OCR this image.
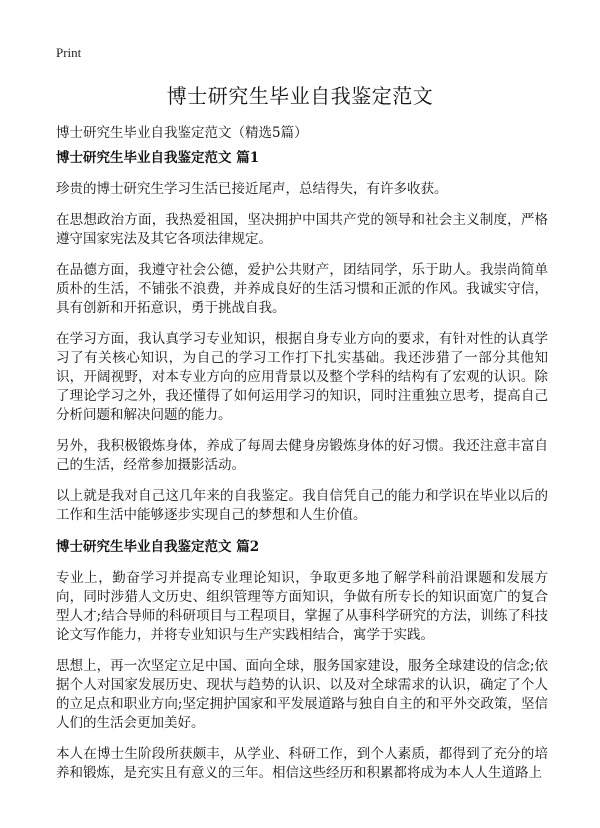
Print
博士研究生毕业自我鉴定范文

博士研究生毕业自我鉴定范文（精选5篇）

博士研究生毕业自我鉴定范文 篇1

珍贵的博士研究生学习生活已接近尾声，总结得失，有许多收获。

在思想政治方面，我热爱祖国，坚决拥护中国共产党的领导和社会主义制度，严格遵守国家宪法及其它各项法律规定。

在品德方面，我遵守社会公德，爱护公共财产，团结同学，乐于助人。我崇尚简单质朴的生活，不铺张不浪费，并养成良好的生活习惯和正派的作风。我诚实守信，具有创新和开拓意识，勇于挑战自我。

在学习方面，我认真学习专业知识，根据自身专业方向的要求，有针对性的认真学习了有关核心知识，为自己的学习工作打下扎实基础。我还涉猎了一部分其他知识，开阔视野，对本专业方向的应用背景以及整个学科的结构有了宏观的认识。除了理论学习之外，我还懂得了如何运用学习的知识，同时注重独立思考，提高自己分析问题和解决问题的能力。

另外，我积极锻炼身体，养成了每周去健身房锻炼身体的好习惯。我还注意丰富自己的生活，经常参加摄影活动。

以上就是我对自己这几年来的自我鉴定。我自信凭自己的能力和学识在毕业以后的工作和生活中能够逐步实现自己的梦想和人生价值。

博士研究生毕业自我鉴定范文 篇2

专业上，勤奋学习并提高专业理论知识，争取更多地了解学科前沿课题和发展方向，同时涉猎人文历史、组织管理等方面知识，争做有所专长的知识面宽广的复合型人才;结合导师的科研项目与工程项目，掌握了从事科学研究的方法，训练了科技论文写作能力，并将专业知识与生产实践相结合，寓学于实践。

思想上，再一次坚定立足中国、面向全球，服务国家建设，服务全球建设的信念;依据个人对国家发展历史、现状与趋势的认识、以及对全球需求的认识，确定了个人的立足点和职业方向;坚定拥护国家和平发展道路与独自自主的和平外交政策，坚信人们的生活会更加美好。

本人在博士生阶段所获颇丰，从学业、科研工作，到个人素质，都得到了充分的培养和锻炼，是充实且有意义的三年。相信这些经历和积累都将成为本人人生道路上
